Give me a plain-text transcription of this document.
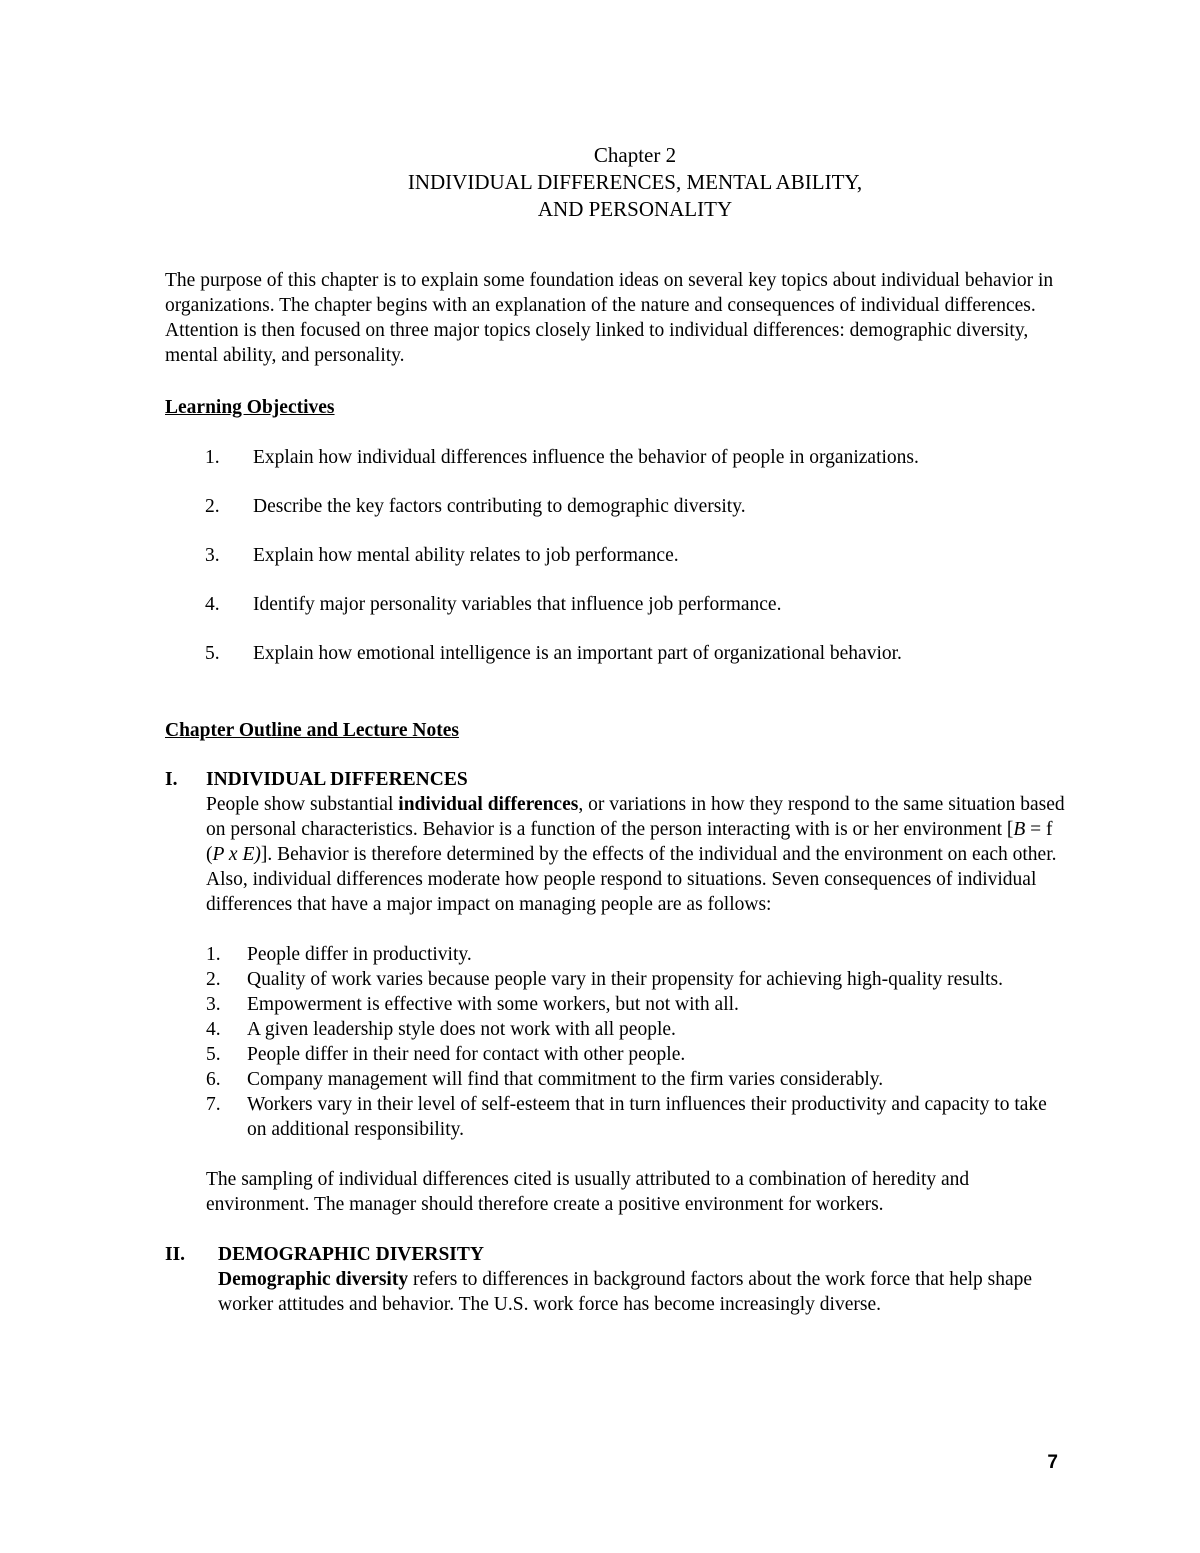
Chapter 2
INDIVIDUAL DIFFERENCES, MENTAL ABILITY,
AND PERSONALITY
The purpose of this chapter is to explain some foundation ideas on several key topics about individual behavior in organizations. The chapter begins with an explanation of the nature and consequences of individual differences. Attention is then focused on three major topics closely linked to individual differences: demographic diversity, mental ability, and personality.
Learning Objectives
1. Explain how individual differences influence the behavior of people in organizations.
2. Describe the key factors contributing to demographic diversity.
3. Explain how mental ability relates to job performance.
4. Identify major personality variables that influence job performance.
5. Explain how emotional intelligence is an important part of organizational behavior.
Chapter Outline and Lecture Notes
I. INDIVIDUAL DIFFERENCES
People show substantial individual differences, or variations in how they respond to the same situation based on personal characteristics. Behavior is a function of the person interacting with is or her environment [B = f (P x E)]. Behavior is therefore determined by the effects of the individual and the environment on each other. Also, individual differences moderate how people respond to situations. Seven consequences of individual differences that have a major impact on managing people are as follows:
1. People differ in productivity.
2. Quality of work varies because people vary in their propensity for achieving high-quality results.
3. Empowerment is effective with some workers, but not with all.
4. A given leadership style does not work with all people.
5. People differ in their need for contact with other people.
6. Company management will find that commitment to the firm varies considerably.
7. Workers vary in their level of self-esteem that in turn influences their productivity and capacity to take on additional responsibility.
The sampling of individual differences cited is usually attributed to a combination of heredity and environment. The manager should therefore create a positive environment for workers.
II. DEMOGRAPHIC DIVERSITY
Demographic diversity refers to differences in background factors about the work force that help shape worker attitudes and behavior. The U.S. work force has become increasingly diverse.
7
